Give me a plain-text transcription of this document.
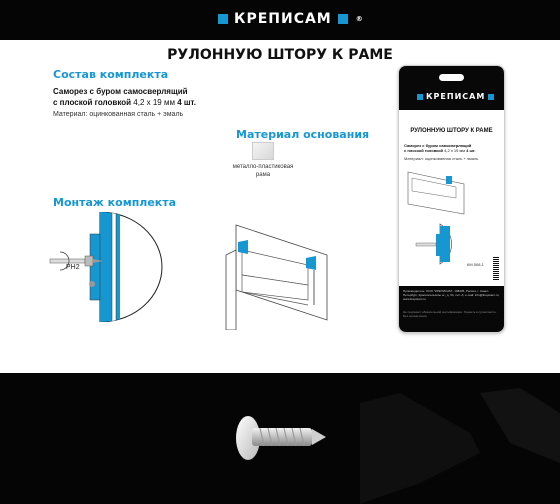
КРЕПИСАМ	®
РУЛОННУЮ ШТОРУ К РАМЕ
Состав комплекта
Саморез с буром самосверлящий
с плоской головкой 4,2 x 19 мм 4 шт.
Материал: оцинкованная сталь + эмаль
Материал основания
металло-пластиковая рама
Монтаж комплекта
PH2
КРЕПИСАМ
РУЛОННУЮ ШТОРУ К РАМЕ
Саморез с буром самосверлящий
с плоской головкой 4,2 x 19 мм 4 шт.
Материал: оцинкованная сталь + эмаль
КМ 508.1
Производитель: ООО "КРЕПИСАМ", 198205, Россия, г. Санкт-Петербург, Красносельское ш., д. 54, лит. А; e-mail: info@krepisam.ru; www.krepisam.ru
Не подлежит обязательной сертификации. Хранить в сухом месте. Без ограничения.
